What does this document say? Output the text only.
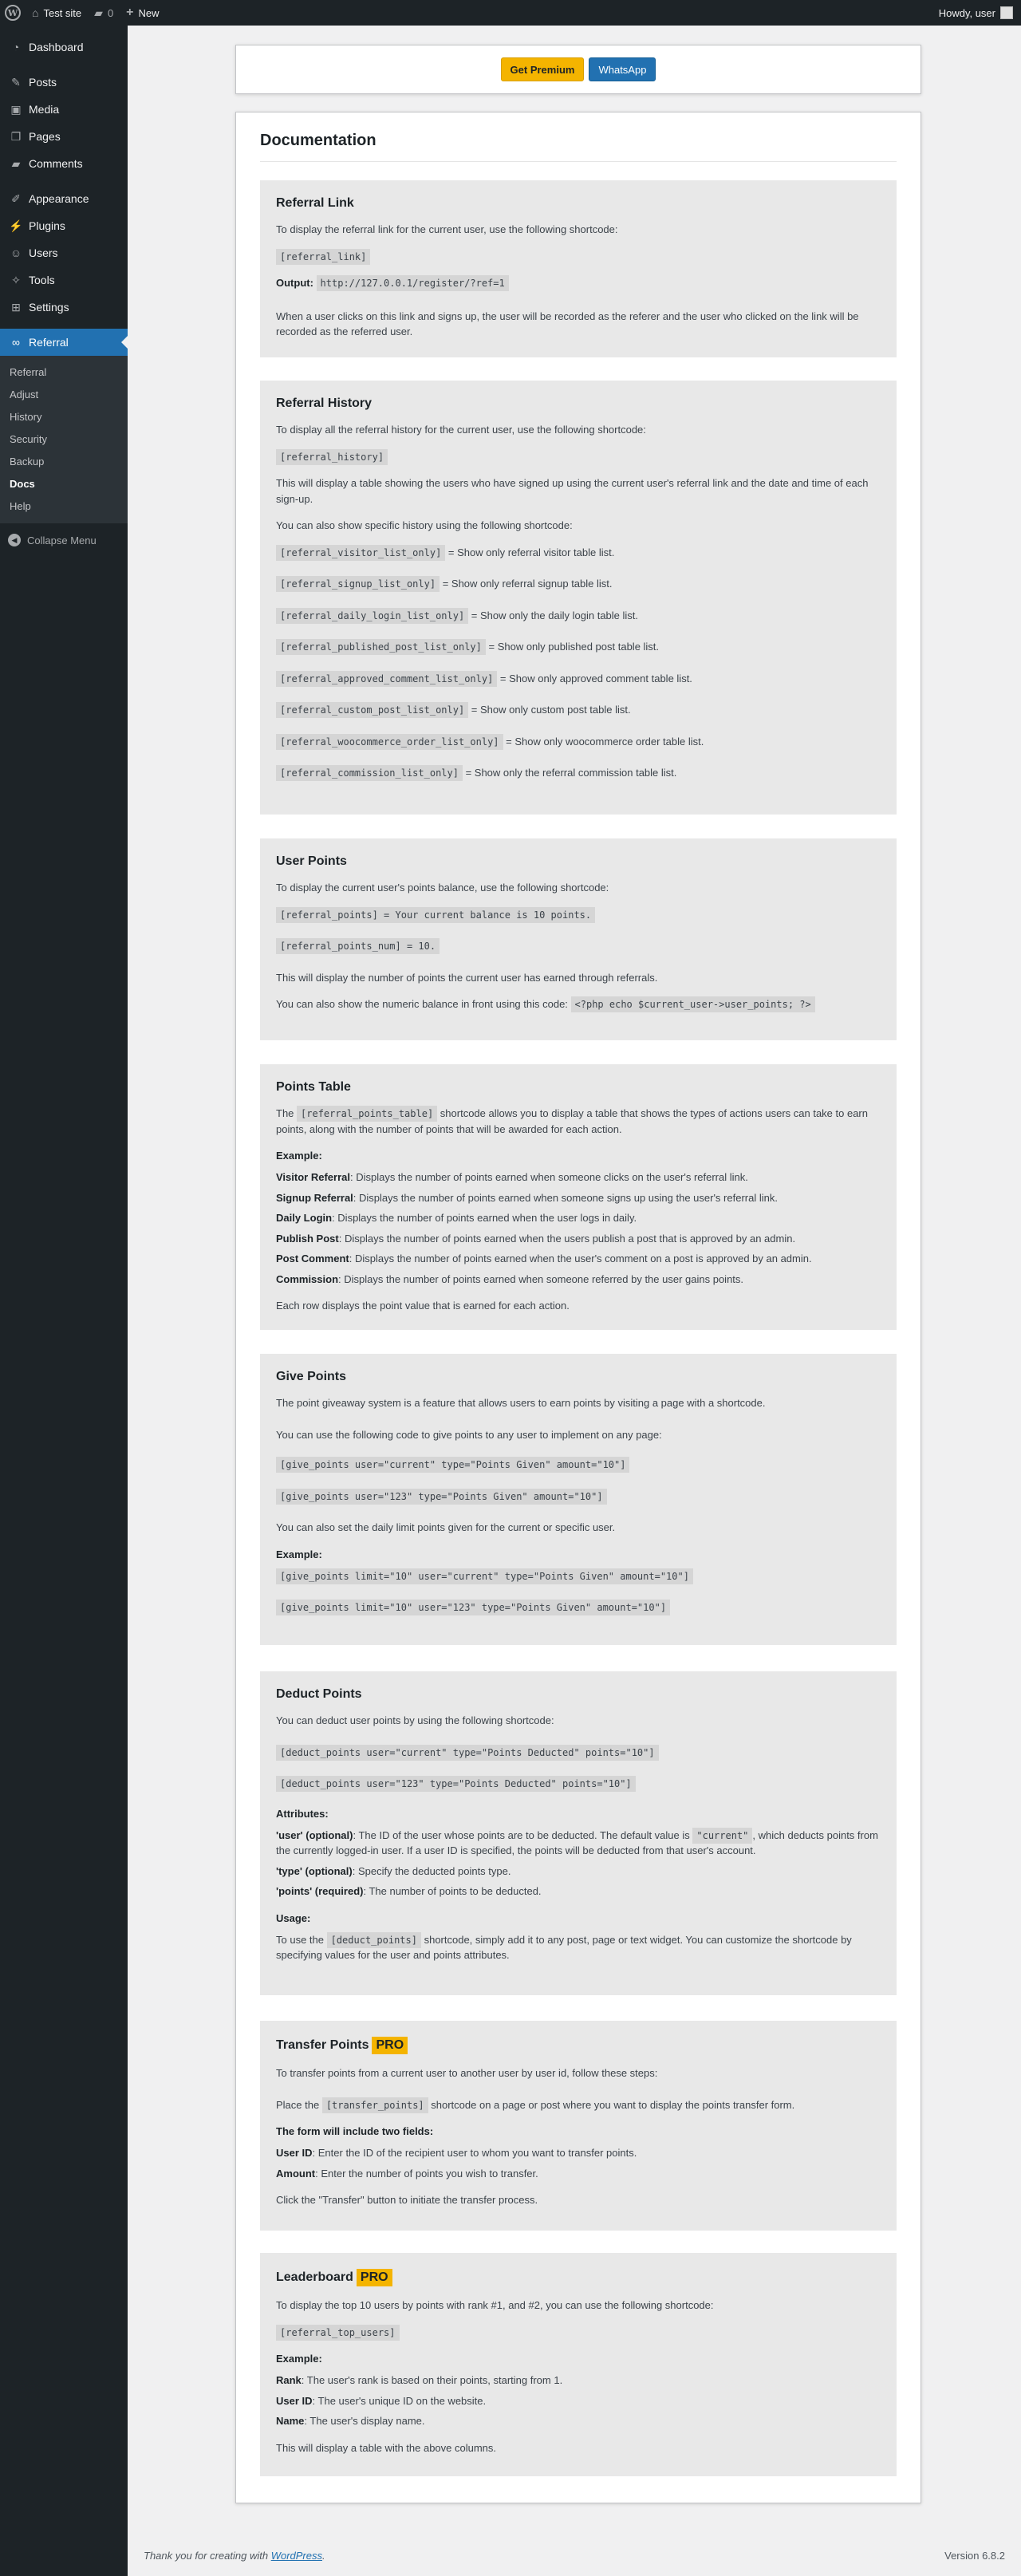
W ⌂ Test site ▰ 0 + New	Howdy, user
◔ Dashboard
✎ Posts
▣ Media
❐ Pages
▰ Comments
✐ Appearance
⚡ Plugins
☺ Users
✧ Tools
⊞ Settings
∞ Referral
Referral
Adjust
History
Security
Backup
Docs
Help
◀ Collapse Menu
Get Premium	WhatsApp
Documentation
Referral Link

To display the referral link for the current user, use the following shortcode:

[referral_link]

Output: http://127.0.0.1/register/?ref=1

When a user clicks on this link and signs up, the user will be recorded as the referer and the user who clicked on the link will be recorded as the referred user.

Referral History

To display all the referral history for the current user, use the following shortcode:

[referral_history]

This will display a table showing the users who have signed up using the current user's referral link and the date and time of each sign-up.

You can also show specific history using the following shortcode:

[referral_visitor_list_only] = Show only referral visitor table list.

[referral_signup_list_only] = Show only referral signup table list.

[referral_daily_login_list_only] = Show only the daily login table list.

[referral_published_post_list_only] = Show only published post table list.

[referral_approved_comment_list_only] = Show only approved comment table list.

[referral_custom_post_list_only] = Show only custom post table list.

[referral_woocommerce_order_list_only] = Show only woocommerce order table list.

[referral_commission_list_only] = Show only the referral commission table list.

User Points

To display the current user's points balance, use the following shortcode:

[referral_points] = Your current balance is 10 points.

[referral_points_num] = 10.

This will display the number of points the current user has earned through referrals.

You can also show the numeric balance in front using this code: <?php echo $current_user->user_points; ?>

Points Table

The [referral_points_table] shortcode allows you to display a table that shows the types of actions users can take to earn points, along with the number of points that will be awarded for each action.

Example:

Visitor Referral: Displays the number of points earned when someone clicks on the user's referral link.

Signup Referral: Displays the number of points earned when someone signs up using the user's referral link.

Daily Login: Displays the number of points earned when the user logs in daily.

Publish Post: Displays the number of points earned when the users publish a post that is approved by an admin.

Post Comment: Displays the number of points earned when the user's comment on a post is approved by an admin.

Commission: Displays the number of points earned when someone referred by the user gains points.

Each row displays the point value that is earned for each action.

Give Points

The point giveaway system is a feature that allows users to earn points by visiting a page with a shortcode.

You can use the following code to give points to any user to implement on any page:

[give_points user="current" type="Points Given" amount="10"]

[give_points user="123" type="Points Given" amount="10"]

You can also set the daily limit points given for the current or specific user.

Example:

[give_points limit="10" user="current" type="Points Given" amount="10"]

[give_points limit="10" user="123" type="Points Given" amount="10"]

Deduct Points

You can deduct user points by using the following shortcode:

[deduct_points user="current" type="Points Deducted" points="10"]

[deduct_points user="123" type="Points Deducted" points="10"]

Attributes:

'user' (optional): The ID of the user whose points are to be deducted. The default value is "current" , which deducts points from the currently logged-in user. If a user ID is specified, the points will be deducted from that user's account.

'type' (optional): Specify the deducted points type.

'points' (required): The number of points to be deducted.

Usage:

To use the [deduct_points] shortcode, simply add it to any post, page or text widget. You can customize the shortcode by specifying values for the user and points attributes.

Transfer Points PRO

To transfer points from a current user to another user by user id, follow these steps:

Place the [transfer_points] shortcode on a page or post where you want to display the points transfer form.

The form will include two fields:

User ID: Enter the ID of the recipient user to whom you want to transfer points.

Amount: Enter the number of points you wish to transfer.

Click the "Transfer" button to initiate the transfer process.

Leaderboard PRO

To display the top 10 users by points with rank #1, and #2, you can use the following shortcode:

[referral_top_users]

Example:

Rank: The user's rank is based on their points, starting from 1.

User ID: The user's unique ID on the website.

Name: The user's display name.

This will display a table with the above columns.

Thank you for creating with WordPress.	Version 6.8.2
